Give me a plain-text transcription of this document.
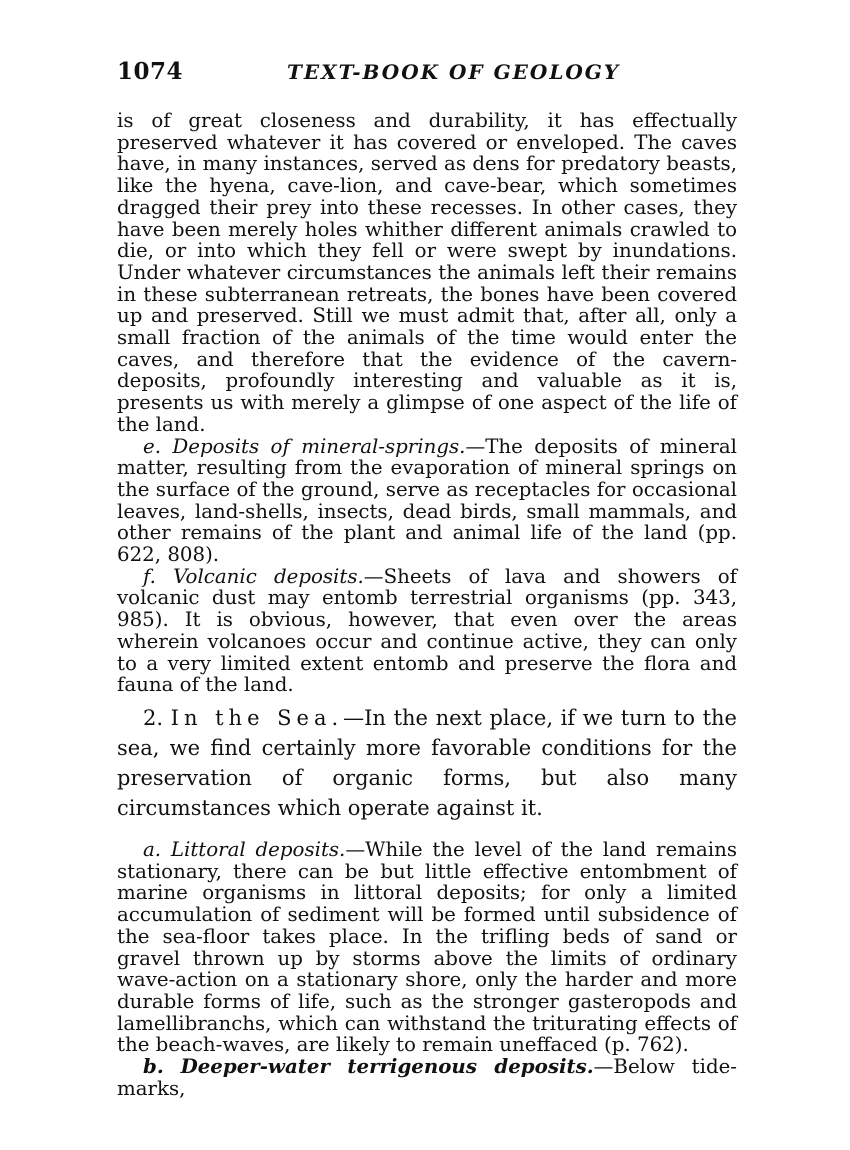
1074	TEXT-BOOK OF GEOLOGY

is of great closeness and durability, it has effectually preserved whatever it has covered or enveloped. The caves have, in many instances, served as dens for predatory beasts, like the hyena, cave-lion, and cave-bear, which sometimes dragged their prey into these recesses. In other cases, they have been merely holes whither different animals crawled to die, or into which they fell or were swept by inundations. Under whatever circumstances the animals left their remains in these subterranean retreats, the bones have been covered up and preserved. Still we must admit that, after all, only a small fraction of the animals of the time would enter the caves, and therefore that the evidence of the cavern-deposits, profoundly interesting and valuable as it is, presents us with merely a glimpse of one aspect of the life of the land.

e. Deposits of mineral-springs.—The deposits of mineral matter, resulting from the evaporation of mineral springs on the surface of the ground, serve as receptacles for occasional leaves, land-shells, insects, dead birds, small mammals, and other remains of the plant and animal life of the land (pp. 622, 808).

f. Volcanic deposits.—Sheets of lava and showers of volcanic dust may entomb terrestrial organisms (pp. 343, 985). It is obvious, however, that even over the areas wherein volcanoes occur and continue active, they can only to a very limited extent entomb and preserve the flora and fauna of the land.

2. In the Sea.—In the next place, if we turn to the sea, we find certainly more favorable conditions for the preservation of organic forms, but also many circumstances which operate against it.

a. Littoral deposits.—While the level of the land remains stationary, there can be but little effective entombment of marine organisms in littoral deposits; for only a limited accumulation of sediment will be formed until subsidence of the sea-floor takes place. In the trifling beds of sand or gravel thrown up by storms above the limits of ordinary wave-action on a stationary shore, only the harder and more durable forms of life, such as the stronger gasteropods and lamellibranchs, which can withstand the triturating effects of the beach-waves, are likely to remain uneffaced (p. 762).

b. Deeper-water terrigenous deposits.—Below tide-marks,
